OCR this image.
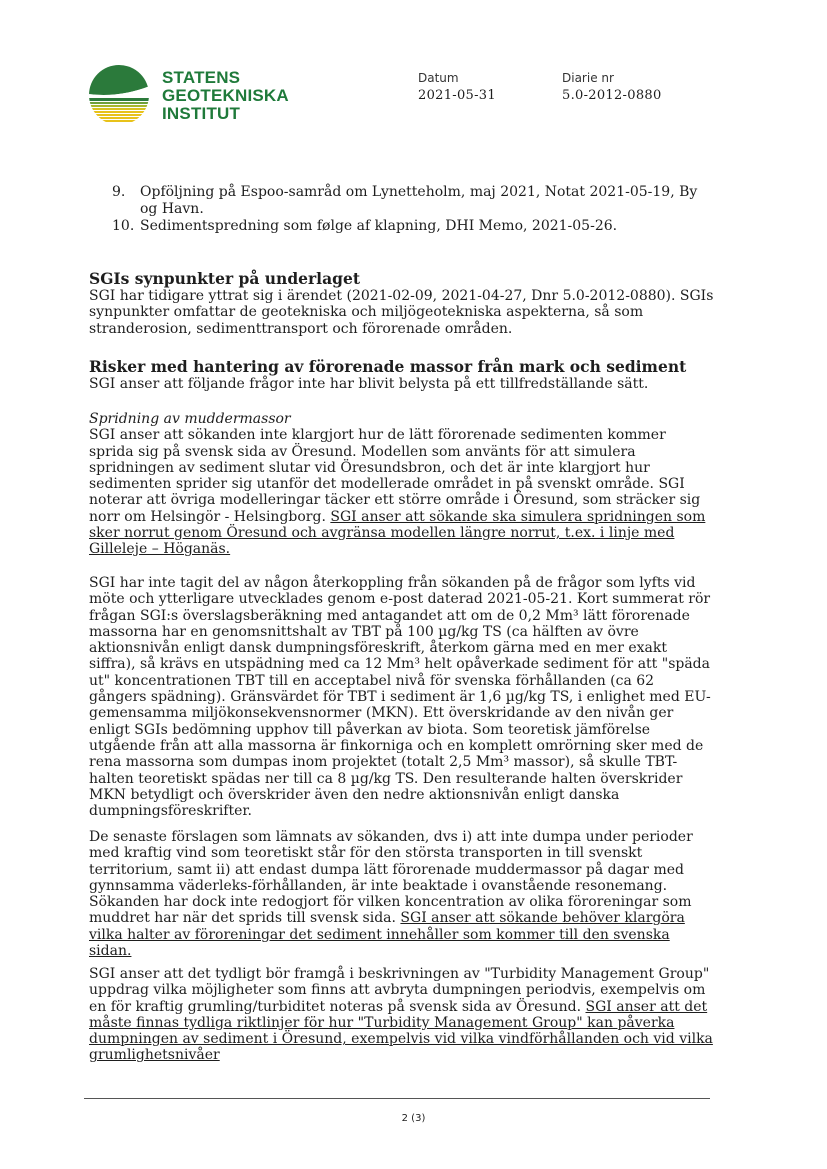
STATENS
GEOTEKNISKA
INSTITUT
Datum
2021-05-31
Diarie nr
5.0-2012-0880
9.	Opföljning på Espoo-samråd om Lynetteholm, maj 2021, Notat 2021-05-19, By og Havn.
10. Sedimentspredning som følge af klapning, DHI Memo, 2021-05-26.
SGIs synpunkter på underlaget
SGI har tidigare yttrat sig i ärendet (2021-02-09, 2021-04-27, Dnr 5.0-2012-0880). SGIs synpunkter omfattar de geotekniska och miljögeotekniska aspekterna, så som stranderosion, sedimenttransport och förorenade områden.
Risker med hantering av förorenade massor från mark och sediment
SGI anser att följande frågor inte har blivit belysta på ett tillfredställande sätt.
Spridning av muddermassor
SGI anser att sökanden inte klargjort hur de lätt förorenade sedimenten kommer sprida sig på svensk sida av Öresund. Modellen som använts för att simulera spridningen av sediment slutar vid Öresundsbron, och det är inte klargjort hur sedimenten sprider sig utanför det modellerade området in på svenskt område. SGI noterar att övriga modelleringar täcker ett större område i Öresund, som sträcker sig norr om Helsingör - Helsingborg. SGI anser att sökande ska simulera spridningen som sker norrut genom Öresund och avgränsa modellen längre norrut, t.ex. i linje med Gilleleje – Höganäs.
SGI har inte tagit del av någon återkoppling från sökanden på de frågor som lyfts vid möte och ytterligare utvecklades genom e-post daterad 2021-05-21. Kort summerat rör frågan SGI:s överslagsberäkning med antagandet att om de 0,2 Mm³ lätt förorenade massorna har en genomsnittshalt av TBT på 100 µg/kg TS (ca hälften av övre aktionsnivån enligt dansk dumpningsföreskrift, återkom gärna med en mer exakt siffra), så krävs en utspädning med ca 12 Mm³ helt opåverkade sediment för att "späda ut" koncentrationen TBT till en acceptabel nivå för svenska förhållanden (ca 62 gångers spädning). Gränsvärdet för TBT i sediment är 1,6 µg/kg TS, i enlighet med EU-gemensamma miljökonsekvensnormer (MKN). Ett överskridande av den nivån ger enligt SGIs bedömning upphov till påverkan av biota. Som teoretisk jämförelse utgående från att alla massorna är finkorniga och en komplett omrörning sker med de rena massorna som dumpas inom projektet (totalt 2,5 Mm³ massor), så skulle TBT-halten teoretiskt spädas ner till ca 8 µg/kg TS. Den resulterande halten överskrider MKN betydligt och överskrider även den nedre aktionsnivån enligt danska dumpningsföreskrifter.
De senaste förslagen som lämnats av sökanden, dvs i) att inte dumpa under perioder med kraftig vind som teoretiskt står för den största transporten in till svenskt territorium, samt ii) att endast dumpa lätt förorenade muddermassor på dagar med gynnsamma väderleks-förhållanden, är inte beaktade i ovanstående resonemang. Sökanden har dock inte redogjort för vilken koncentration av olika föroreningar som muddret har när det sprids till svensk sida. SGI anser att sökande behöver klargöra vilka halter av föroreningar det sediment innehåller som kommer till den svenska sidan.
SGI anser att det tydligt bör framgå i beskrivningen av "Turbidity Management Group" uppdrag vilka möjligheter som finns att avbryta dumpningen periodvis, exempelvis om en för kraftig grumling/turbiditet noteras på svensk sida av Öresund. SGI anser att det måste finnas tydliga riktlinjer för hur "Turbidity Management Group" kan påverka dumpningen av sediment i Öresund, exempelvis vid vilka vindförhållanden och vid vilka grumlighetsnivåer
2 (3)
